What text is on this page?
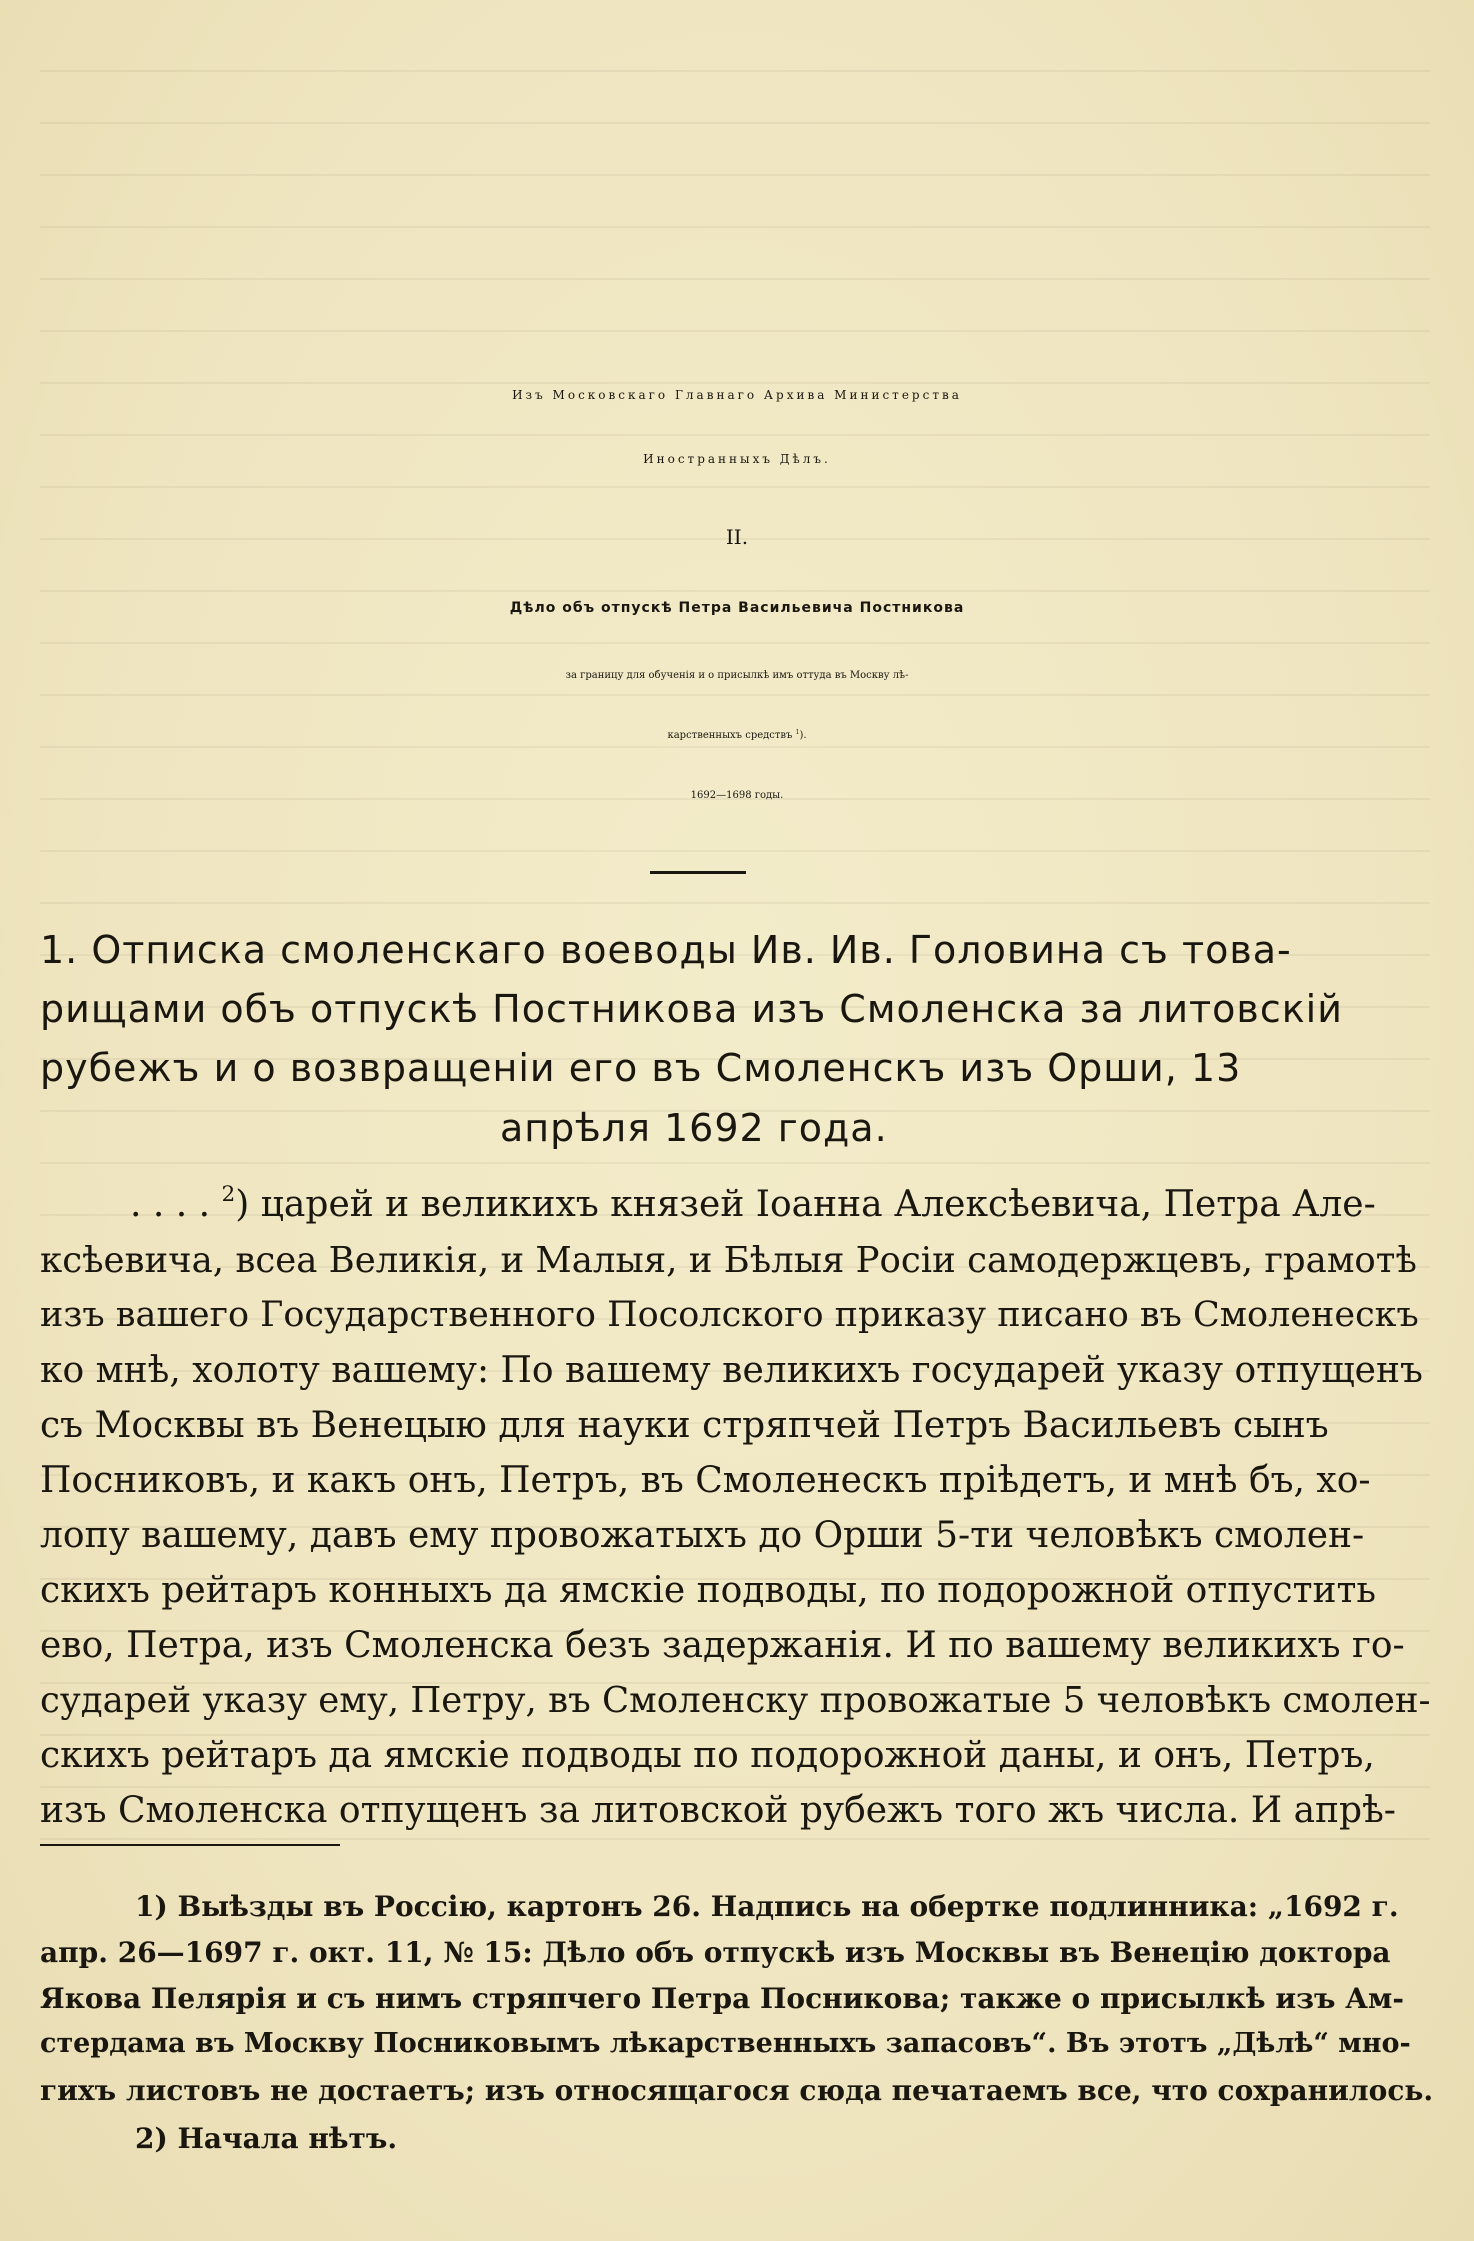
Изъ Московскаго Главнаго Архива Министерства
Иностранныхъ Дѣлъ.
II.
Дѣло объ отпускѣ Петра Васильевича Постникова
за границу для обученія и о присылкѣ имъ оттуда въ Москву лѣ-
карственныхъ средствъ $^1$).
1692—1698 годы.
1. Отписка смоленскаго воеводы Ив. Ив. Головина съ това-
рищами объ отпускѣ Постникова изъ Смоленска за литовскій
рубежъ и о возвращеніи его въ Смоленскъ изъ Орши, 13
апрѣля 1692 года.
. . . . $^2$) царей и великихъ князей Іоанна Алексѣевича, Петра Але-
ксѣевича, всеа Великія, и Малыя, и Бѣлыя Росіи самодержцевъ, грамотѣ
изъ вашего Государственного Посолского приказу писано въ Смоленескъ
ко мнѣ, холоту вашему: По вашему великихъ государей указу отпущенъ
съ Москвы въ Венецыю для науки стряпчей Петръ Васильевъ сынъ
Посниковъ, и какъ онъ, Петръ, въ Смоленескъ пріѣдетъ, и мнѣ бъ, хо-
лопу вашему, давъ ему провожатыхъ до Орши 5-ти человѣкъ смолен-
скихъ рейтаръ конныхъ да ямскіе подводы, по подорожной отпустить
ево, Петра, изъ Смоленска безъ задержанія. И по вашему великихъ го-
сударей указу ему, Петру, въ Смоленску провожатые 5 человѣкъ смолен-
скихъ рейтаръ да ямскіе подводы по подорожной даны, и онъ, Петръ,
изъ Смоленска отпущенъ за литовской рубежъ того жъ числа. И апрѣ-
1) Выѣзды въ Россію, картонъ 26. Надпись на обертке подлинника: „1692 г.
апр. 26—1697 г. окт. 11, № 15: Дѣло объ отпускѣ изъ Москвы въ Венецію доктора
Якова Пелярія и съ нимъ стряпчего Петра Посникова; также о присылкѣ изъ Ам-
стердама въ Москву Посниковымъ лѣкарственныхъ запасовъ“. Въ этотъ „Дѣлѣ“ мно-
гихъ листовъ не достаетъ; изъ относящагося сюда печатаемъ все, что сохранилось.
2) Начала нѣтъ.
